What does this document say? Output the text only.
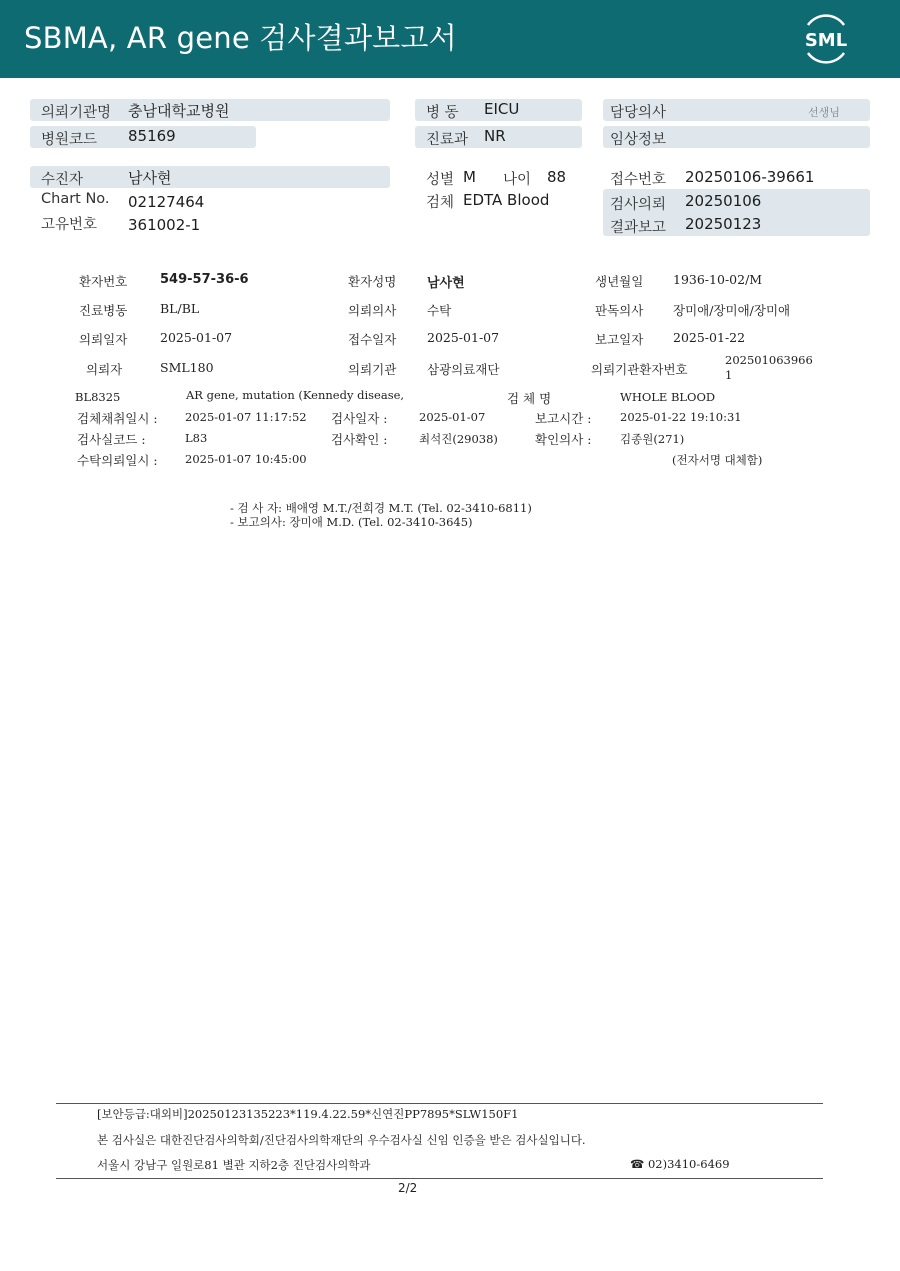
SBMA, AR gene 검사결과보고서	SML
의뢰기관명 충남대학교병원
병원코드 85169
병 동 EICU
진료과 NR
담당의사	선생님
임상정보
수진자	남사현
Chart No. 02127464
고유번호 361002-1
성별 M 나이 88
검체 EDTA Blood
접수번호 20250106-39661
검사의뢰 20250106
결과보고 20250123
환자번호	549-57-36-6	환자성명 남사현	생년월일 1936-10-02/M
진료병동	BL/BL	의뢰의사 수탁	판독의사 장미애/장미애/장미애
의뢰일자	2025-01-07	접수일자 2025-01-07	보고일자 2025-01-22
의뢰자	SML180	의뢰기관 삼광의료재단	의뢰기관환자번호
202501063966
1
BL8325	AR gene, mutation (Kennedy disease,	검 체 명	WHOLE BLOOD
검체채취일시 : 2025-01-07 11:17:52 검사일자 :	2025-01-07	보고시간 : 2025-01-22 19:10:31
검사실코드 :	L83	검사확인 :	최석진(29038)	확인의사 : 김종원(271)
수탁의뢰일시 : 2025-01-07 10:45:00	(전자서명 대체함)
- 검 사 자: 배애영 M.T./전희경 M.T. (Tel. 02-3410-6811)
- 보고의사: 장미애 M.D. (Tel. 02-3410-3645)
[보안등급:대외비]20250123135223*119.4.22.59*신연진PP7895*SLW150F1
본 검사실은 대한진단검사의학회/진단검사의학재단의 우수검사실 신임 인증을 받은 검사실입니다.
서울시 강남구 일원로81 별관 지하2층 진단검사의학과	☎ 02)3410-6469
2/2
